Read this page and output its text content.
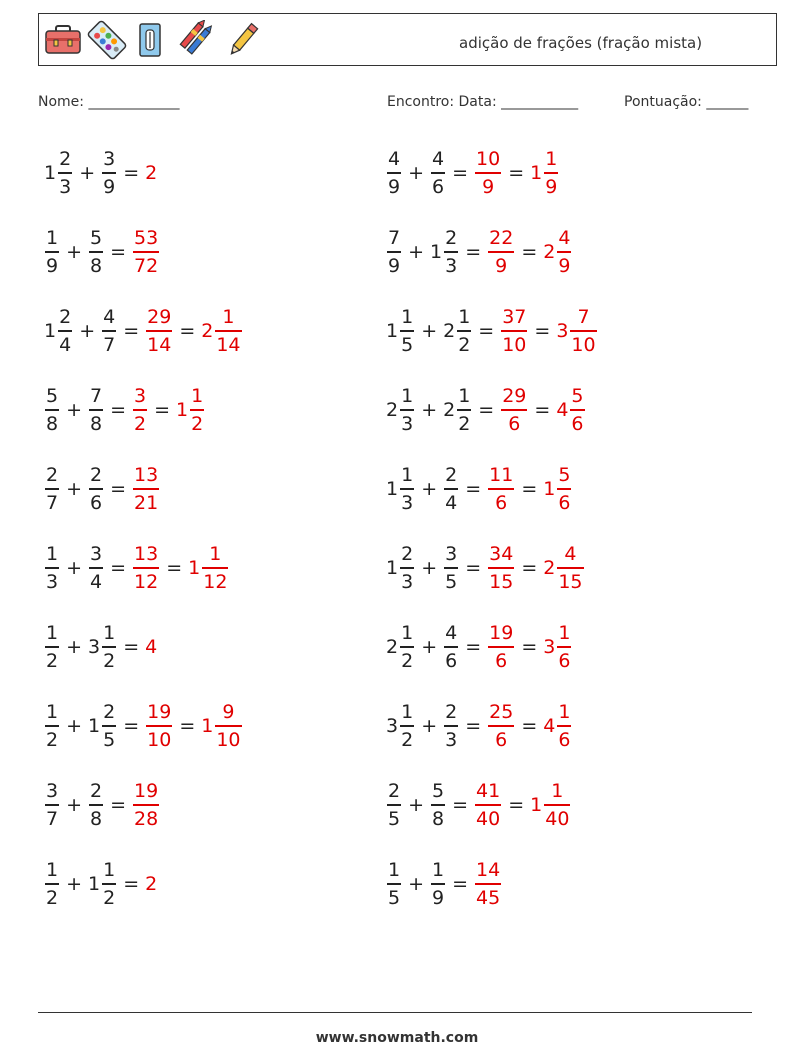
adição de frações (fração mista)
Nome: _____________	Encontro: Data: ___________	Pontuação: ______
$1 \frac{2}{3} + \frac{3}{9} = 2$	$\frac{4}{9} + \frac{4}{6} = \frac{10}{9} = 1 \frac{1}{9}$
$\frac{1}{9} + \frac{5}{8} = \frac{53}{72}$	$\frac{7}{9} + 1 \frac{2}{3} = \frac{22}{9} = 2 \frac{4}{9}$
$1 \frac{2}{4} + \frac{4}{7} = \frac{29}{14} = 2 \frac{1}{14}$	$1 \frac{1}{5} + 2 \frac{1}{2} = \frac{37}{10} = 3 \frac{7}{10}$
$\frac{5}{8} + \frac{7}{8} = \frac{3}{2} = 1 \frac{1}{2}$	$2 \frac{1}{3} + 2 \frac{1}{2} = \frac{29}{6} = 4 \frac{5}{6}$
$\frac{2}{7} + \frac{2}{6} = \frac{13}{21}$	$1 \frac{1}{3} + \frac{2}{4} = \frac{11}{6} = 1 \frac{5}{6}$
$\frac{1}{3} + \frac{3}{4} = \frac{13}{12} = 1 \frac{1}{12}$	$1 \frac{2}{3} + \frac{3}{5} = \frac{34}{15} = 2 \frac{4}{15}$
$\frac{1}{2} + 3 \frac{1}{2} = 4$	$2 \frac{1}{2} + \frac{4}{6} = \frac{19}{6} = 3 \frac{1}{6}$
$\frac{1}{2} + 1 \frac{2}{5} = \frac{19}{10} = 1 \frac{9}{10}$	$3 \frac{1}{2} + \frac{2}{3} = \frac{25}{6} = 4 \frac{1}{6}$
$\frac{3}{7} + \frac{2}{8} = \frac{19}{28}$	$\frac{2}{5} + \frac{5}{8} = \frac{41}{40} = 1 \frac{1}{40}$
$\frac{1}{2} + 1 \frac{1}{2} = 2$	$\frac{1}{5} + \frac{1}{9} = \frac{14}{45}$
www.snowmath.com
